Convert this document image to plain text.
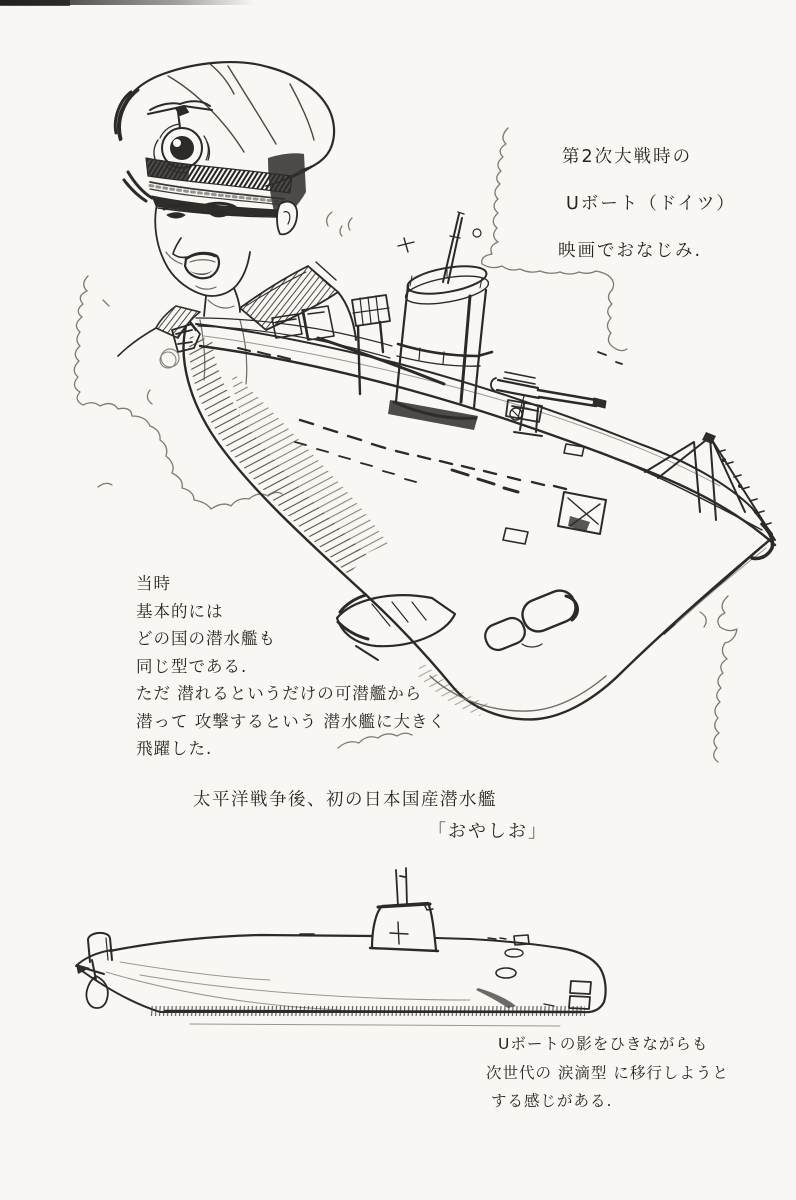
第2次大戦時の
Uボート（ドイツ）
映画でおなじみ.
当時
基本的には
どの国の潜水艦も
同じ型である.
ただ 潜れるというだけの可潜艦から
潜って 攻撃するという 潜水艦に大きく
飛躍した.
太平洋戦争後、初の日本国産潜水艦
「おやしお」
Uボートの影をひきながらも
次世代の 涙滴型 に移行しようと
する感じがある.
